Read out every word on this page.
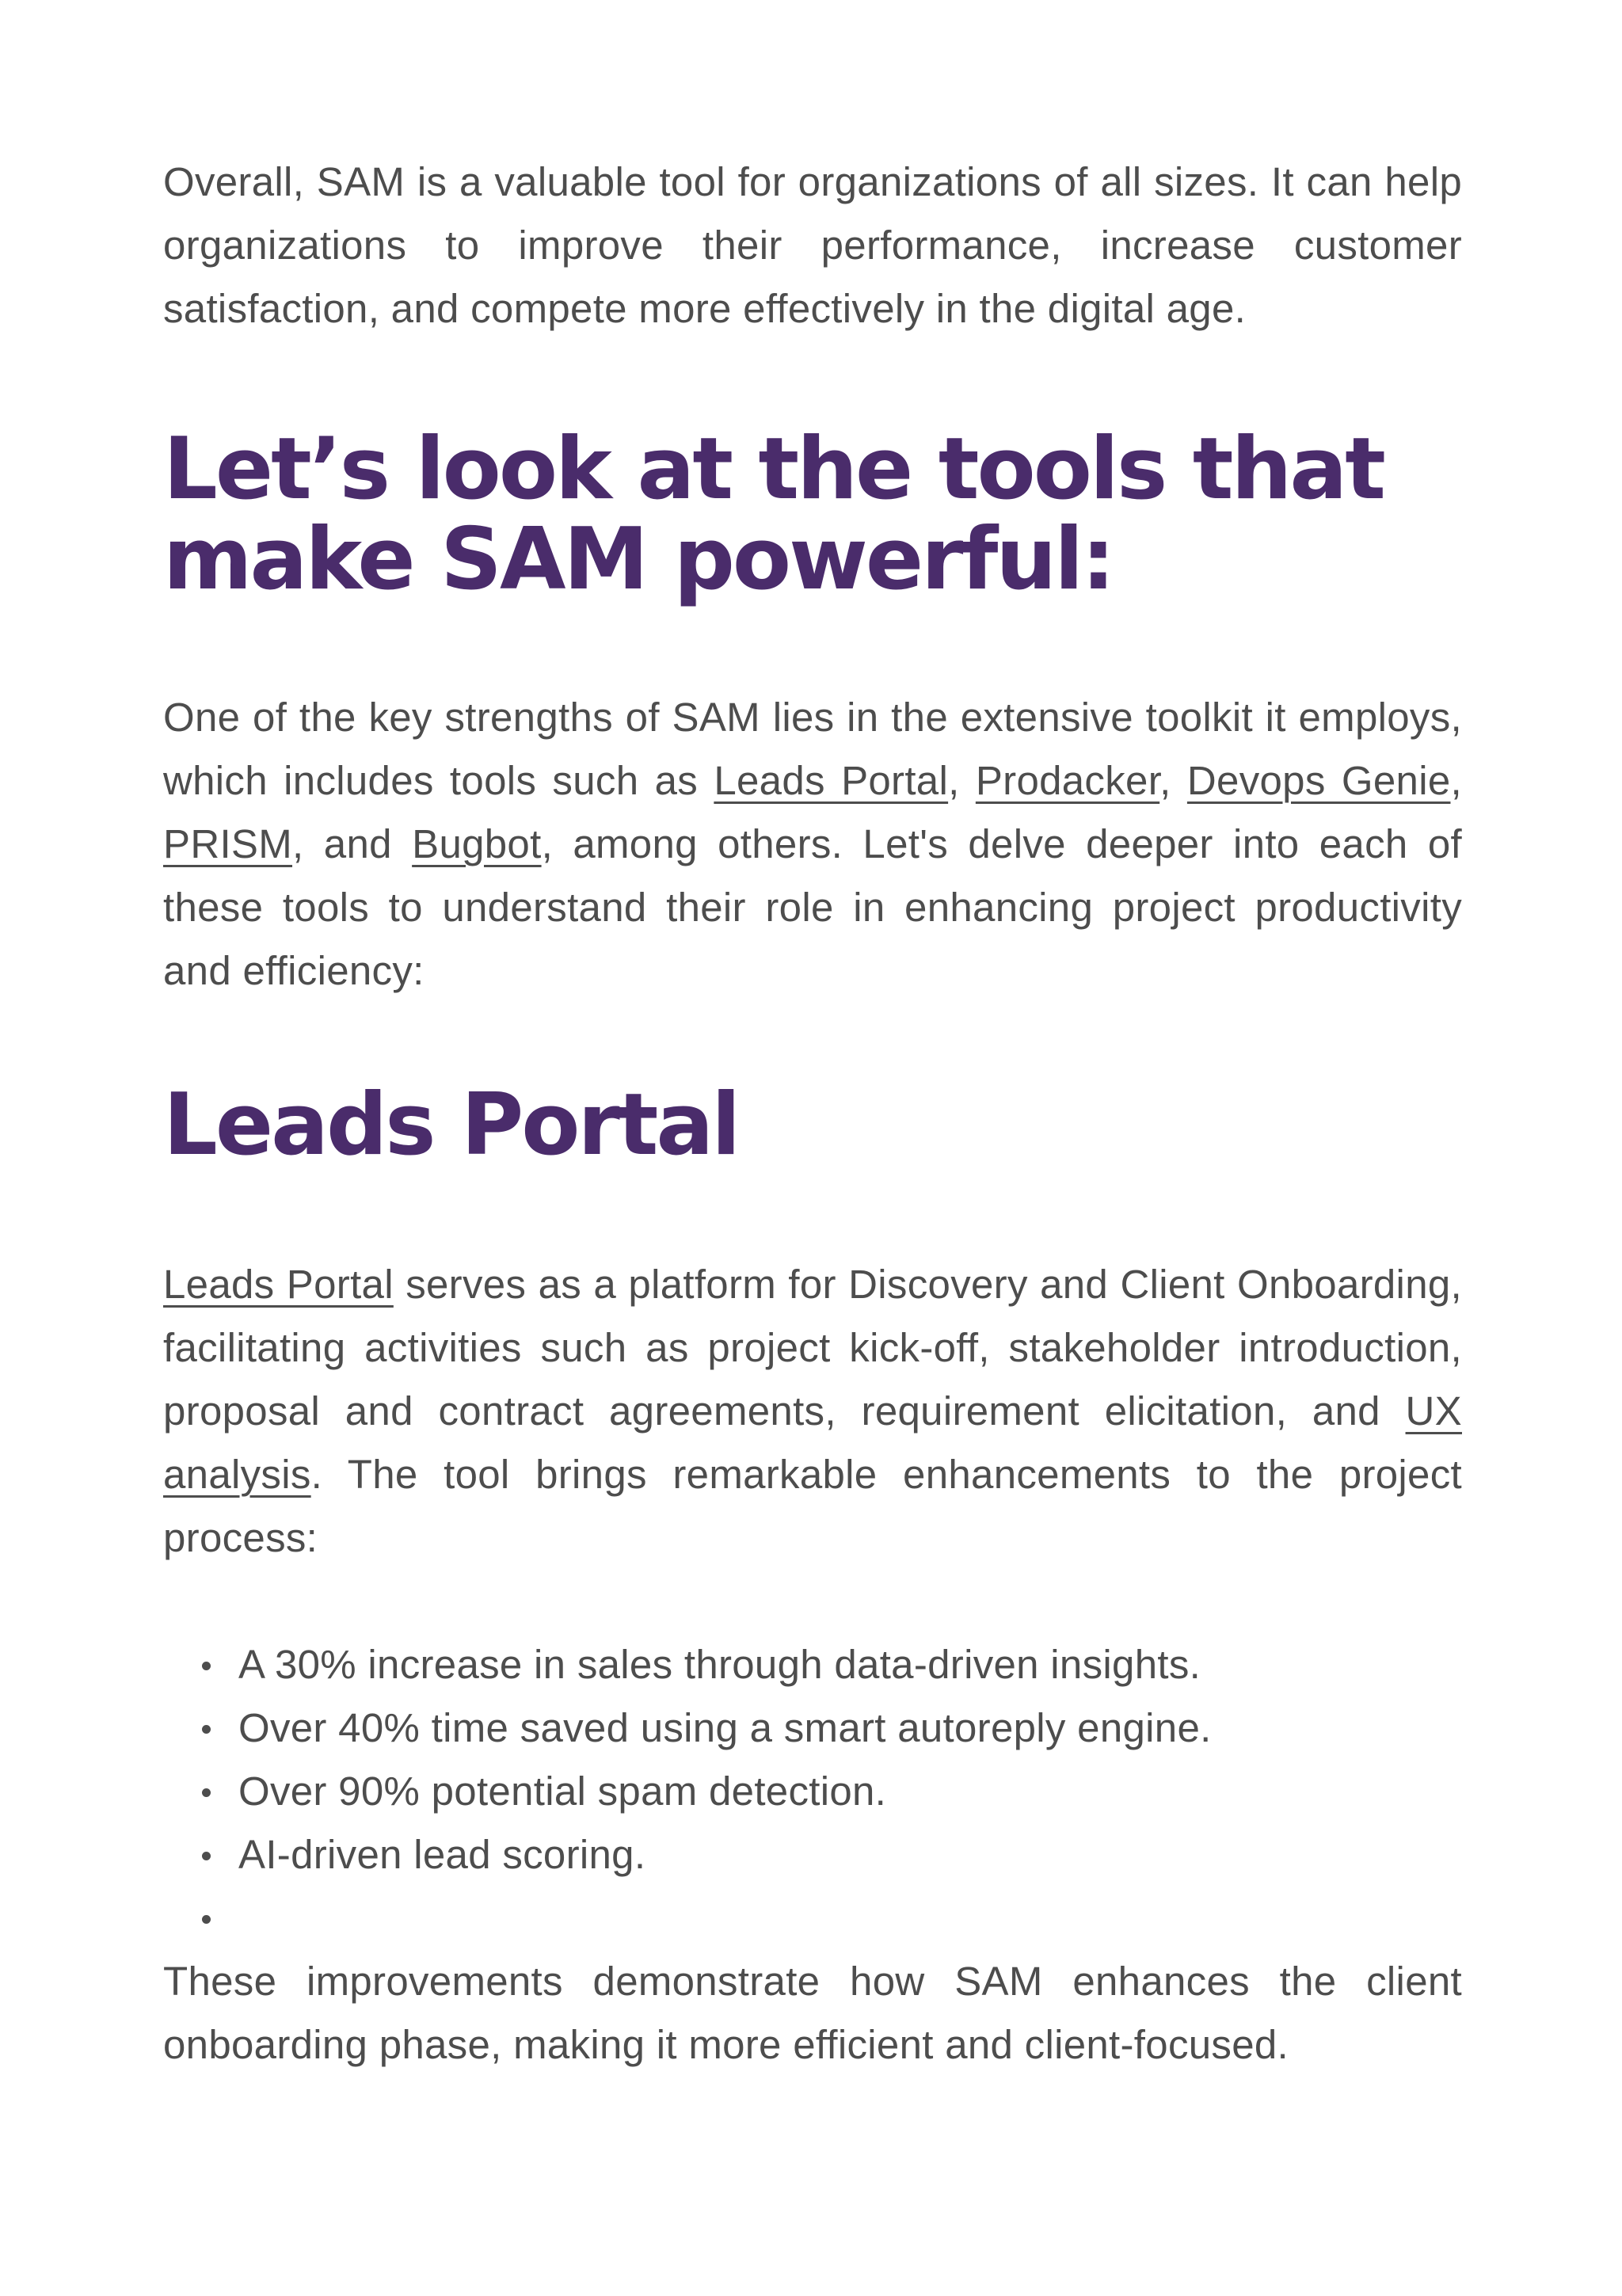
Overall, SAM is a valuable tool for organizations of all sizes. It can help organizations to improve their performance, increase customer satisfaction, and compete more effectively in the digital age.

Let’s look at the tools that
make SAM powerful:

One of the key strengths of SAM lies in the extensive toolkit it employs, which includes tools such as Leads Portal, Prodacker, Devops Genie, PRISM, and Bugbot, among others. Let's delve deeper into each of these tools to understand their role in enhancing project productivity and efficiency:

Leads Portal

Leads Portal serves as a platform for Discovery and Client Onboarding, facilitating activities such as project kick-off, stakeholder introduction, proposal and contract agreements, requirement elicitation, and UX analysis. The tool brings remarkable enhancements to the project process:

A 30% increase in sales through data-driven insights.
Over 40% time saved using a smart autoreply engine.
Over 90% potential spam detection.
AI-driven lead scoring.

These improvements demonstrate how SAM enhances the client onboarding phase, making it more efficient and client-focused.
